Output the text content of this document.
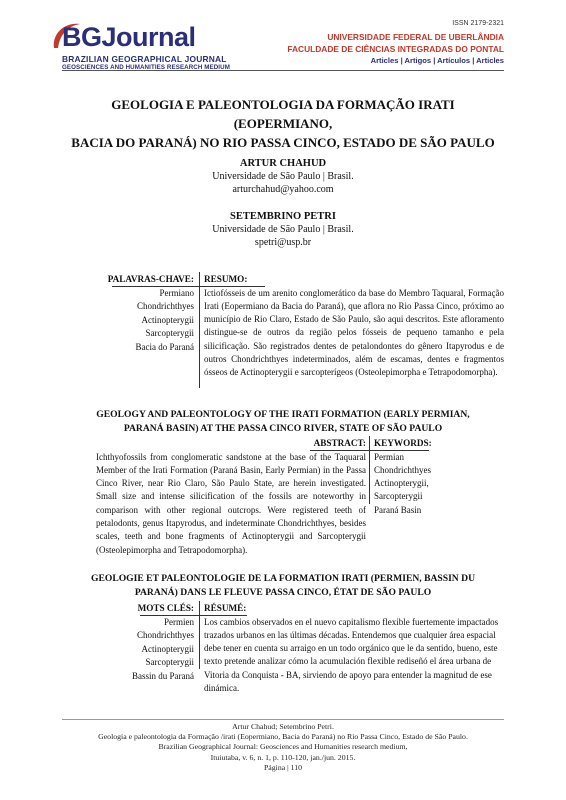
BGJournal
BRAZILIAN GEOGRAPHICAL JOURNAL
GEOSCIENCES AND HUMANITIES RESEARCH MEDIUM
ISSN 2179-2321
UNIVERSIDADE FEDERAL DE UBERLÂNDIA
FACULDADE DE CIÊNCIAS INTEGRADAS DO PONTAL
Articles | Artigos | Artículos | Articles
GEOLOGIA E PALEONTOLOGIA DA FORMAÇÃO IRATI (EOPERMIANO,
BACIA DO PARANÁ) NO RIO PASSA CINCO, ESTADO DE SÃO PAULO
ARTUR CHAHUD
Universidade de São Paulo | Brasil.
arturchahud@yahoo.com
SETEMBRINO PETRI
Universidade de São Paulo | Brasil.
spetri@usp.br
PALAVRAS-CHAVE:
Permiano
Chondrichthyes
Actinopterygii
Sarcopterygii
Bacia do Paraná
RESUMO:
Ictiofósseis de um arenito conglomerático da base do Membro Taquaral, Formação Irati (Eopermiano da Bacia do Paraná), que aflora no Rio Passa Cinco, próximo ao município de Rio Claro, Estado de São Paulo, são aqui descritos. Este afloramento distingue-se de outros da região pelos fósseis de pequeno tamanho e pela silicificação. São registrados dentes de petalondontes do gênero Itapyrodus e de outros Chondrichthyes indeterminados, além de escamas, dentes e fragmentos ósseos de Actinopterygii e sarcopterígeos (Osteolepimorpha e Tetrapodomorpha).
GEOLOGY AND PALEONTOLOGY OF THE IRATI FORMATION (EARLY PERMIAN,
PARANÁ BASIN) AT THE PASSA CINCO RIVER, STATE OF SÃO PAULO
ABSTRACT:
Ichthyofossils from conglomeratic sandstone at the base of the Taquaral Member of the Irati Formation (Paraná Basin, Early Permian) in the Passa Cinco River, near Rio Claro, São Paulo State, are herein investigated. Small size and intense silicification of the fossils are noteworthy in comparison with other regional outcrops. Were registered teeth of petalodonts, genus Itapyrodus, and indeterminate Chondrichthyes, besides scales, teeth and bone fragments of Actinopterygii and Sarcopterygii (Osteolepimorpha and Tetrapodomorpha).
KEYWORDS:
Permian
Chondrichthyes
Actinopterygii,
Sarcopterygii
Paraná Basin
GEOLOGIE ET PALEONTOLOGIE DE LA FORMATION IRATI (PERMIEN, BASSIN DU
PARANÁ) DANS LE FLEUVE PASSA CINCO, ÉTAT DE SÃO PAULO
MOTS CLÉS:
Permien
Chondrichthyes
Actinopterygii
Sarcopterygii
Bassin du Paraná
RÉSUMÉ:
Los cambios observados en el nuevo capitalismo flexible fuertemente impactados trazados urbanos en las últimas décadas. Entendemos que cualquier área espacial debe tener en cuenta su arraigo en un todo orgánico que le da sentido, bueno, este texto pretende analizar cómo la acumulación flexible rediseñó el área urbana de Vitoria da Conquista - BA, sirviendo de apoyo para entender la magnitud de ese dinámica.
Artur Chahud; Setembrino Petri.
Geologia e paleontologia da Formação /irati (Eopermiano, Bacia do Paraná) no Rio Passa Cinco, Estado de São Paulo.
Brazilian Geographical Journal: Geosciences and Humanities research medium,
Ituiutaba, v. 6, n. 1, p. 110-120, jan./jun. 2015.
Página | 110
